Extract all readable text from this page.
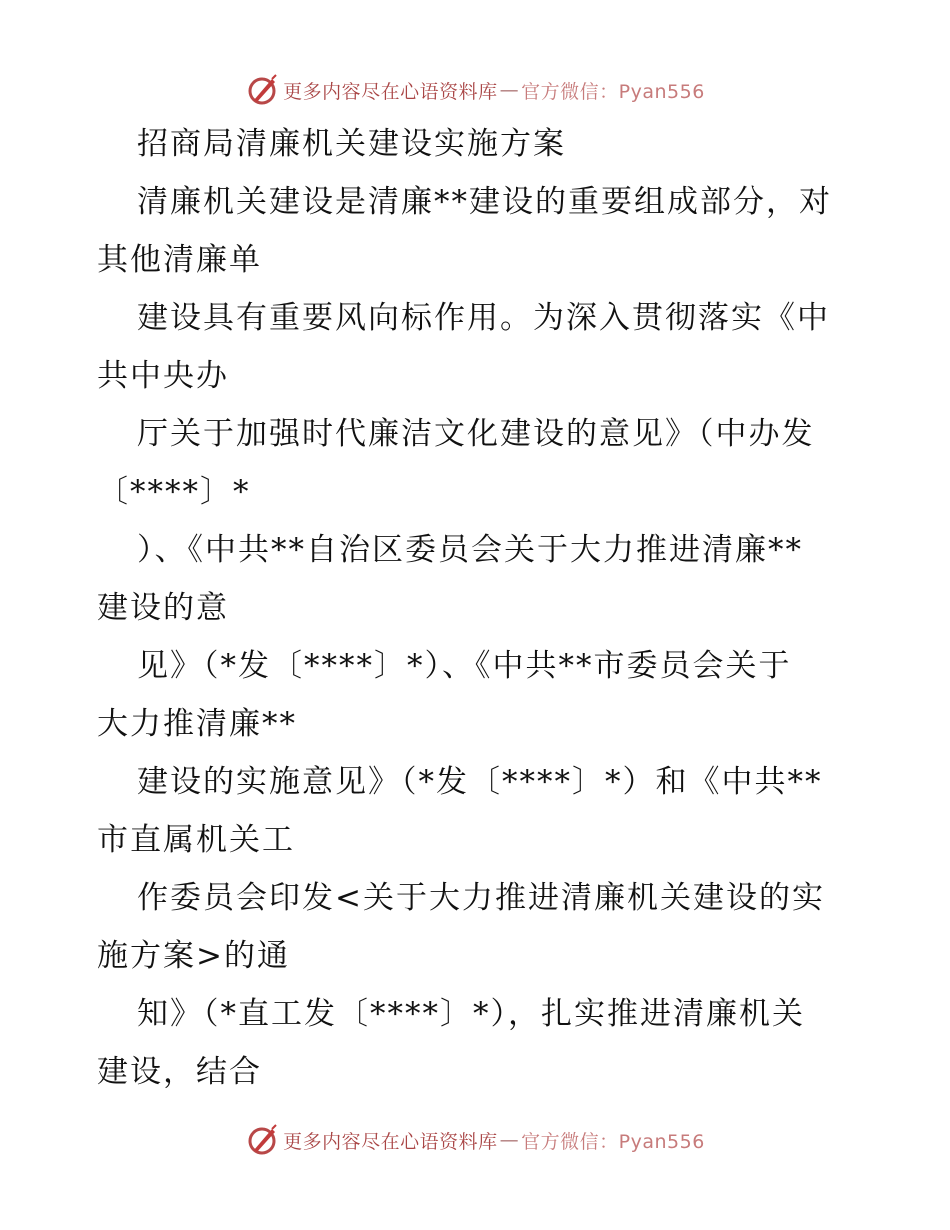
更多内容尽在心语资料库 — 官方微信：Pyan556
招商局清廉机关建设实施方案
清廉机关建设是清廉**建设的重要组成部分，对
其他清廉单
建设具有重要风向标作用。为深入贯彻落实《中
共中央办
厅关于加强时代廉洁文化建设的意见》（中办发
〔****〕*
）、《中共**自治区委员会关于大力推进清廉**
建设的意
见》（*发〔****〕*）、《中共**市委员会关于
大力推清廉**
建设的实施意见》（*发〔****〕*）和《中共**
市直属机关工
作委员会印发<关于大力推进清廉机关建设的实
施方案>的通
知》（*直工发〔****〕*），扎实推进清廉机关
建设，结合
更多内容尽在心语资料库 — 官方微信：Pyan556
